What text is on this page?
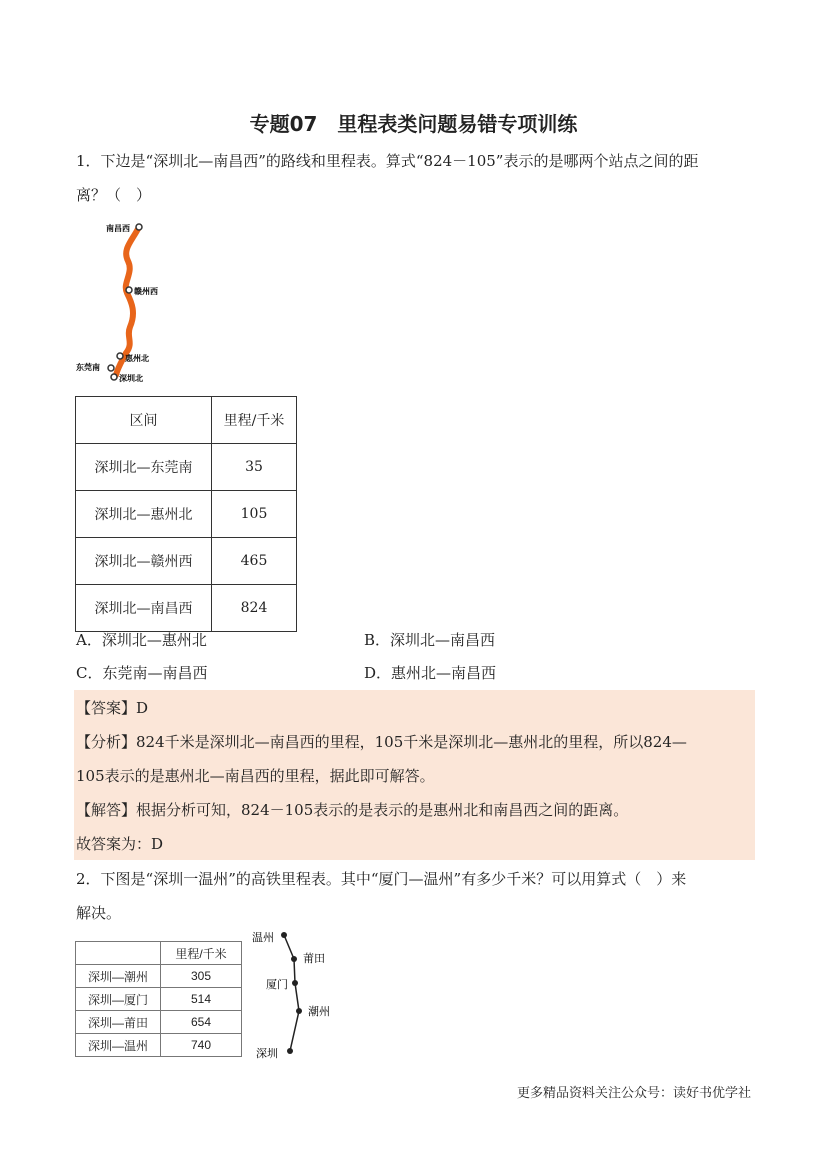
专题07　里程表类问题易错专项训练
1．下边是“深圳北—南昌西”的路线和里程表。算式“824－105”表示的是哪两个站点之间的距
离？（　）
南昌西
赣州西
惠州北
东莞南
深圳北
区间	里程/千米
深圳北—东莞南	35
深圳北—惠州北	105
深圳北—赣州西	465
深圳北—南昌西	824
A．深圳北—惠州北	B．深圳北—南昌西
C．东莞南—南昌西	D．惠州北—南昌西
【答案】D
【分析】824千米是深圳北—南昌西的里程，105千米是深圳北—惠州北的里程，所以824—
105表示的是惠州北—南昌西的里程，据此即可解答。
【解答】根据分析可知，824－105表示的是表示的是惠州北和南昌西之间的距离。
故答案为：D
2．下图是“深圳一温州”的高铁里程表。其中“厦门—温州”有多少千米？可以用算式（　）来
解决。
	里程/千米
深圳—潮州	305
深圳—厦门	514
深圳—莆田	654
深圳—温州	740
温州
莆田
厦门
潮州
深圳
更多精品资料关注公众号：读好书优学社
